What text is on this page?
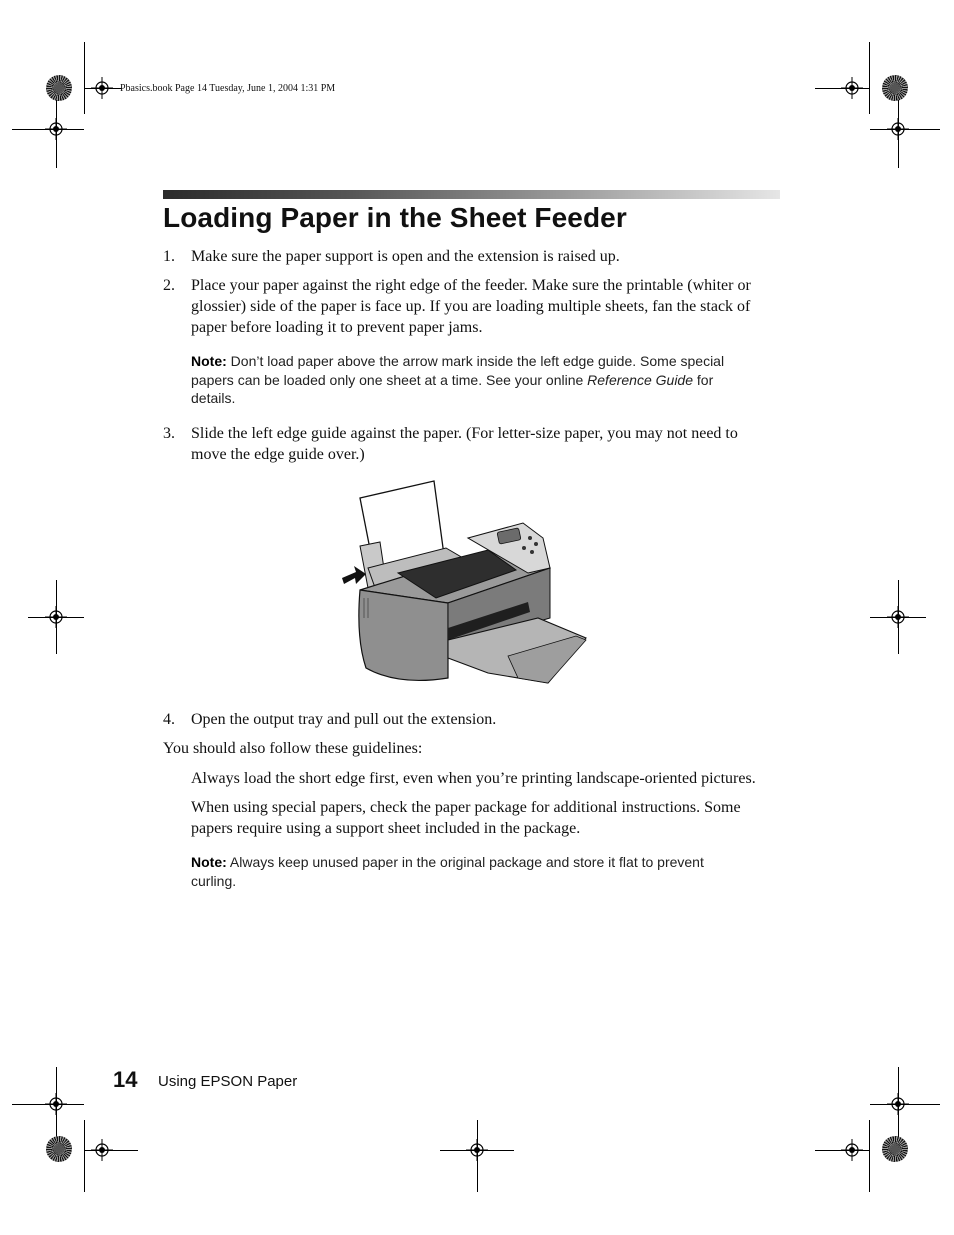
Pbasics.book Page 14 Tuesday, June 1, 2004 1:31 PM
Loading Paper in the Sheet Feeder
1. Make sure the paper support is open and the extension is raised up.
2. Place your paper against the right edge of the feeder. Make sure the printable (whiter or glossier) side of the paper is face up. If you are loading multiple sheets, fan the stack of paper before loading it to prevent paper jams.
Note: Don’t load paper above the arrow mark inside the left edge guide. Some special papers can be loaded only one sheet at a time. See your online Reference Guide for details.
3. Slide the left edge guide against the paper. (For letter-size paper, you may not need to move the edge guide over.)
4. Open the output tray and pull out the extension.
You should also follow these guidelines:
Always load the short edge first, even when you’re printing landscape-oriented pictures.
When using special papers, check the paper package for additional instructions. Some papers require using a support sheet included in the package.
Note: Always keep unused paper in the original package and store it flat to prevent curling.
14 Using EPSON Paper
